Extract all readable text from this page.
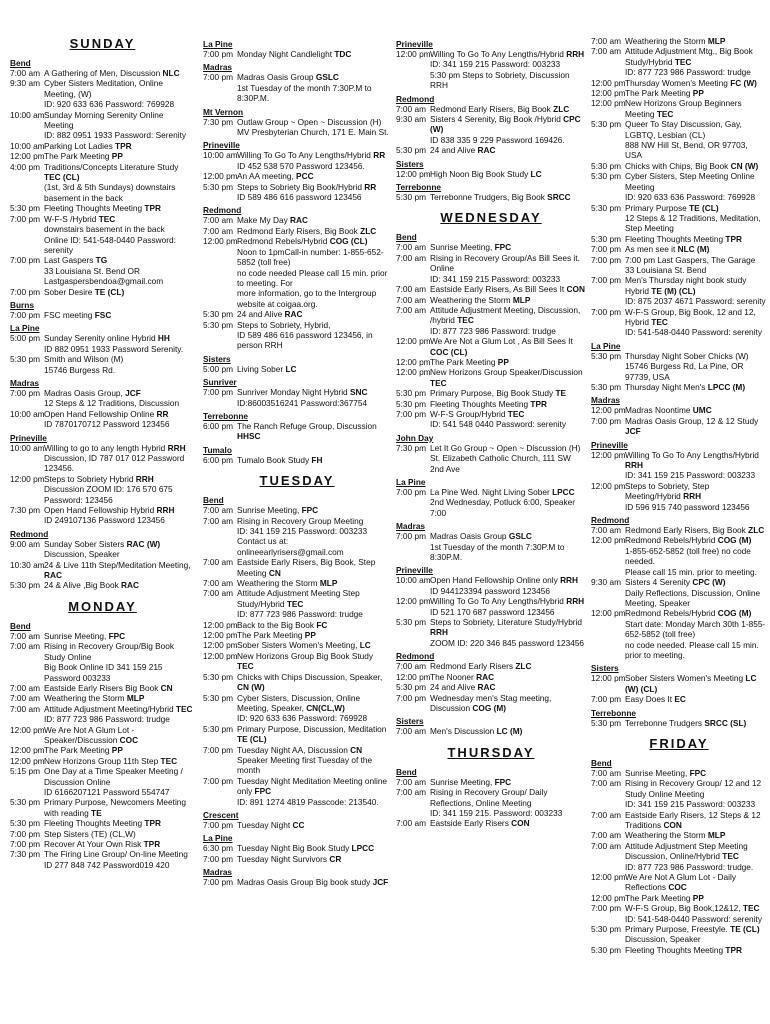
SUNDAY
Bend
7:00 am A Gathering of Men, Discussion NLC
9:30 am Cyber Sisters Meditation, Online Meeting, (W)
ID: 920 633 636 Password: 769928
10:00 am Sunday Morning Serenity Online Meeting
ID: 882 0951 1933 Password: Serenity
10:00 am Parking Lot Ladies TPR
12:00 pm The Park Meeting PP
4:00 pm Traditions/Concepts Literature Study TEC (CL)
(1st, 3rd & 5th Sundays) downstairs basement in the back
5:30 pm Fleeting Thoughts Meeting TPR
7:00 pm W-F-S /Hybrid TEC
downstairs basement in the back
Online ID: 541-548-0440 Password: serenity
7:00 pm Last Gaspers TG
33 Louisiana St. Bend OR
Lastgaspersbendoa@gmail.com
7:00 pm Sober Desire TE (CL)
Burns
7:00 pm FSC meeting FSC
La Pine
5:00 pm Sunday Serenity online Hybrid HH
ID 882 0951 1933 Password Serenity.
5:30 pm Smith and Wilson (M)
15746 Burgess Rd.
Madras
7:00 pm Madras Oasis Group, JCF
12 Steps & 12 Traditions, Discussion
10:00 am Open Hand Fellowship Online RR
ID 7870170712 Password 123456
Prineville
10:00 am Willing to go to any length Hybrid RRH
Discussion, ID 787 017 012 Password 123456.
12:00 pm Steps to Sobriety Hybrid RRH
Discussion ZOOM ID: 176 570 675 Password: 123456
7:30 pm Open Hand Fellowship Hybrid RRH
ID 249107136 Password 123456
Redmond
9:00 am Sunday Sober Sisters RAC (W)
Discussion, Speaker
10:30 am 24 & Live 11th Step/Meditation Meeting, RAC
5:30 pm 24 & Alive ,Big Book RAC
MONDAY
Bend
7:00 am Sunrise Meeting, FPC
7:00 am Rising in Recovery Group/Big Book Study Online
Big Book Online ID 341 159 215 Password 003233
7:00 am Eastside Early Risers Big Book CN
7:00 am Weathering the Storm MLP
7:00 am Attitude Adjustment Meeting/Hybrid TEC
ID: 877 723 986 Password: trudge
12:00 pm We Are Not A Glum Lot - Speaker/Discussion COC
12:00 pm The Park Meeting PP
12:00 pm New Horizons Group 11th Step TEC
5:15 pm One Day at a Time Speaker Meeting / Discussion Online
ID 6166207121 Password 554747
5:30 pm Primary Purpose, Newcomers Meeting with reading TE
5:30 pm Fleeting Thoughts Meeting TPR
7:00 pm Step Sisters (TE) (CL,W)
7:00 pm Recover At Your Own Risk TPR
7:30 pm The Firing Line Group/ On-line Meeting
ID 277 848 742 Password019 420
La Pine
7:00 pm Monday Night Candlelight TDC
Madras
7:00 pm Madras Oasis Group GSLC
1st Tuesday of the month 7:30P.M to 8:30P.M.
Mt Vernon
7:30 pm Outlaw Group ~ Open ~ Discussion (H)
MV Presbyterian Church, 171 E. Main St.
Prineville
10:00 am Willing To Go To Any Lengths/Hybrid RR
ID 452 538 570 Password 123456.
12:00 pm An AA meeting, PCC
5:30 pm Steps to Sobriety Big Book/Hybrid RR
ID 589 486 616 password 123456
Redmond
7:00 am Make My Day RAC
7:00 am Redmond Early Risers, Big Book ZLC
12:00 pm Redmond Rebels/Hybrid COG (CL)
Noon to 1pmCall-in number: 1-855-652-5852 (toll free)
no code needed Please call 15 min. prior to meeting. For
more information, go to the Intergroup website at coigaa.org.
5:30 pm 24 and Alive RAC
5:30 pm Steps to Sobriety, Hybrid,
ID 589 486 616 password 123456, in person RRH
Sisters
5:00 pm Living Sober LC
Sunriver
7:00 pm Sunriver Monday Night Hybrid SNC
ID:86003516241 Password:367754
Terrebonne
6:00 pm The Ranch Refuge Group, Discussion HHSC
Tumalo
6:00 pm Tumalo Book Study FH
TUESDAY
Bend
7:00 am Sunrise Meeting, FPC
7:00 am Rising in Recovery Group Meeting
ID: 341 159 215 Password: 003233
Contact us at: onlineearlyrisers@gmail.com
7:00 am Eastside Early Risers, Big Book, Step Meeting CN
7:00 am Weathering the Storm MLP
7:00 am Attitude Adjustment Meeting Step Study/Hybrid TEC
ID: 877 723 986 Password: trudge
12:00 pm Back to the Big Book FC
12:00 pm The Park Meeting PP
12:00 pm Sober Sisters Women's Meeting, LC
12:00 pm New Horizons Group Big Book Study TEC
5:30 pm Chicks with Chips Discussion, Speaker, CN (W)
5:30 pm Cyber Sisters, Discussion, Online Meeting, Speaker, CN(CL,W)
ID: 920 633 636 Password: 769928
5:30 pm Primary Purpose, Discussion, Meditation TE (CL)
7:00 pm Tuesday Night AA, Discussion CN
Speaker Meeting first Tuesday of the month
7:00 pm Tuesday Night Meditation Meeting online only FPC
ID: 891 1274 4819 Passcode: 213540.
Crescent
7:00 pm Tuesday Night CC
La Pine
6:30 pm Tuesday Night Big Book Study LPCC
7:00 pm Tuesday Night Survivors CR
Madras
7:00 pm Madras Oasis Group Big book study JCF
Prineville
12:00 pm Willing To Go To Any Lengths/Hybrid RRH
ID: 341 159 215 Password: 003233
5:30 pm Steps to Sobriety, Discussion RRH
Redmond
7:00 am Redmond Early Risers, Big Book ZLC
9:30 am Sisters 4 Serenity, Big Book /Hybrid CPC (W)
ID 838 335 9 229 Password 169426.
5:30 pm 24 and Alive RAC
Sisters
12:00 pm High Noon Big Book Study LC
Terrebonne
5:30 pm Terrebonne Trudgers, Big Book SRCC
WEDNESDAY
Bend
7:00 am Sunrise Meeting, FPC
7:00 am Rising in Recovery Group/As Bill Sees it. Online
ID: 341 159 215 Password: 003233
7:00 am Eastside Early Risers, As Bill Sees It CON
7:00 am Weathering the Storm MLP
7:00 am Attitude Adjustment Meeting, Discussion, /hybrid TEC
ID: 877 723 986 Password: trudge
12:00 pm We Are Not a Glum Lot , As Bill Sees It COC (CL)
12:00 pm The Park Meeting PP
12:00 pm New Horizons Group Speaker/Discussion TEC
5:30 pm Primary Purpose, Big Book Study TE
5:30 pm Fleeting Thoughts Meeting TPR
7:00 pm W-F-S Group/Hybrid TEC
ID: 541 548 0440 Password: serenity
John Day
7:30 pm Let It Go Group ~ Open ~ Discussion (H)
St. Elizabeth Catholic Church, 111 SW 2nd Ave
La Pine
7:00 pm La Pine Wed. Night Living Sober LPCC
2nd Wednesday, Potluck 6:00, Speaker 7:00
Madras
7:00 pm Madras Oasis Group GSLC
1st Tuesday of the month 7:30P.M to 8:30P.M.
Prineville
10:00 am Open Hand Fellowship Online only RRH
ID 944123394 password 123456
12:00 pm Willing To Go To Any Lengths/Hybrid RRH
ID 521 170 687 password 123456
5:30 pm Steps to Sobriety, Literature Study/Hybrid RRH
ZOOM ID: 220 346 845 password 123456
Redmond
7:00 am Redmond Early Risers ZLC
12:00 pm The Nooner RAC
5:30 pm 24 and Alive RAC
7:00 pm Wednesday men's Stag meeting, Discussion COG (M)
Sisters
7:00 am Men's Discussion LC (M)
THURSDAY
Bend
7:00 am Sunrise Meeting, FPC
7:00 am Rising in Recovery Group/ Daily Reflections, Online Meeting
ID: 341 159 215. Password: 003233
7:00 am Eastside Early Risers CON
7:00 am Weathering the Storm MLP
7:00 am Attitude Adjustment Mtg., Big Book Study/Hybrid TEC
ID: 877 723 986 Password: trudge
12:00 pm Thursday Women's Meeting FC (W)
12:00 pm The Park Meeting PP
12:00 pm New Horizons Group Beginners Meeting TEC
5:30 pm Queer To Stay Discussion, Gay, LGBTQ, Lesbian (CL)
888 NW Hill St, Bend, OR 97703, USA
5:30 pm Chicks with Chips, Big Book CN (W)
5:30 pm Cyber Sisters, Step Meeting Online Meeting
ID: 920 633 636 Password: 769928
5:30 pm Primary Purpose TE (CL)
12 Steps & 12 Traditions, Meditation, Step Meeting
5:30 pm Fleeting Thoughts Meeting TPR
7:00 pm As men see it NLC (M)
7:00 pm 7:00 pm Last Gaspers, The Garage
33 Louisiana St. Bend
7:00 pm Men's Thursday night book study Hybrid TE (M) (CL)
ID: 875 2037 4671 Password: serenity
7:00 pm W-F-S Group, Big Book, 12 and 12, Hybrid TEC
ID: 541-548-0440 Password: serenity
La Pine
5:30 pm Thursday Night Sober Chicks (W)
15746 Burgess Rd, La Pine, OR 97739, USA
5:30 pm Thursday Night Men's LPCC (M)
Madras
12:00 pm Madras Noontime UMC
7:00 pm Madras Oasis Group, 12 & 12 Study JCF
Prineville
12:00 pm Willing To Go To Any Lengths/Hybrid RRH
ID: 341 159 215 Password: 003233
12:00 pm Steps to Sobriety, Step Meeting/Hybrid RRH
ID 596 915 740 password 123456
Redmond
7:00 am Redmond Early Risers, Big Book ZLC
12:00 pm Redmond Rebels/Hybrid COG (M)
1-855-652-5852 (toll free) no code needed.
Please call 15 min. prior to meeting.
9:30 am Sisters 4 Serenity CPC (W)
Daily Reflections, Discussion, Online Meeting, Speaker
12:00 pm Redmond Rebels/Hybrid COG (M)
Start date: Monday March 30th 1-855-652-5852 (toll free)
no code needed. Please call 15 min. prior to meeting.
Sisters
12:00 pm Sober Sisters Women's Meeting LC (W) (CL)
7:00 pm Easy Does It EC
Terrebonne
5:30 pm Terrebonne Trudgers SRCC (SL)
FRIDAY
Bend
7:00 am Sunrise Meeting, FPC
7:00 am Rising in Recovery Group/ 12 and 12 Study Online Meeting
ID: 341 159 215 Password: 003233
7:00 am Eastside Early Risers, 12 Steps & 12 Traditions CON
7:00 am Weathering the Storm MLP
7:00 am Attitude Adjustment Step Meeting Discussion, Online/Hybrid TEC
ID: 877 723 986 Password: trudge.
12:00 pm We Are Not A Glum Lot - Daily Reflections COC
12:00 pm The Park Meeting PP
7:00 pm W-F-S Group, Big Book,12&12, TEC
ID: 541-548-0440 Password: serenity
5:30 pm Primary Purpose, Freestyle. TE (CL)
Discussion, Speaker
5:30 pm Fleeting Thoughts Meeting TPR
